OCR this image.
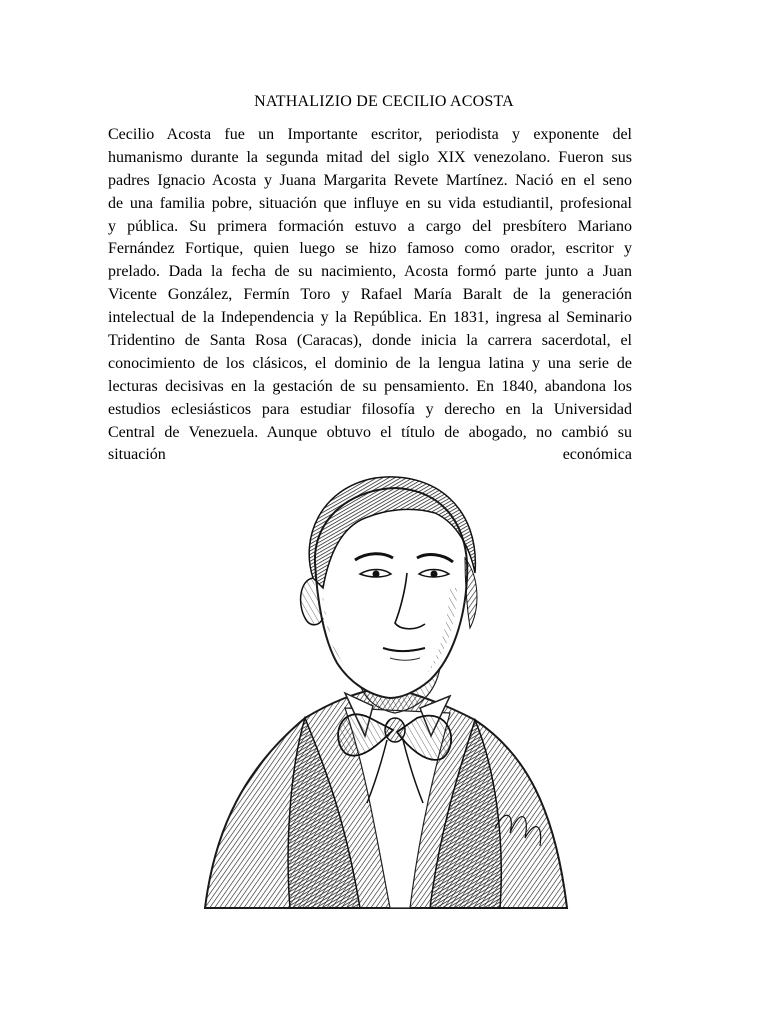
NATHALIZIO DE CECILIO ACOSTA
Cecilio Acosta fue un Importante escritor, periodista y exponente del
humanismo durante la segunda mitad del siglo XIX venezolano. Fueron sus
padres Ignacio Acosta y Juana Margarita Revete Martínez. Nació en el seno
de una familia pobre, situación que influye en su vida estudiantil, profesional
y pública. Su primera formación estuvo a cargo del presbítero Mariano
Fernández Fortique, quien luego se hizo famoso como orador, escritor y
prelado. Dada la fecha de su nacimiento, Acosta formó parte junto a Juan
Vicente González, Fermín Toro y Rafael María Baralt de la generación
intelectual de la Independencia y la República. En 1831, ingresa al Seminario
Tridentino de Santa Rosa (Caracas), donde inicia la carrera sacerdotal, el
conocimiento de los clásicos, el dominio de la lengua latina y una serie de
lecturas decisivas en la gestación de su pensamiento. En 1840, abandona los
estudios eclesiásticos para estudiar filosofía y derecho en la Universidad
Central de Venezuela. Aunque obtuvo el título de abogado, no cambió su
situación económica
